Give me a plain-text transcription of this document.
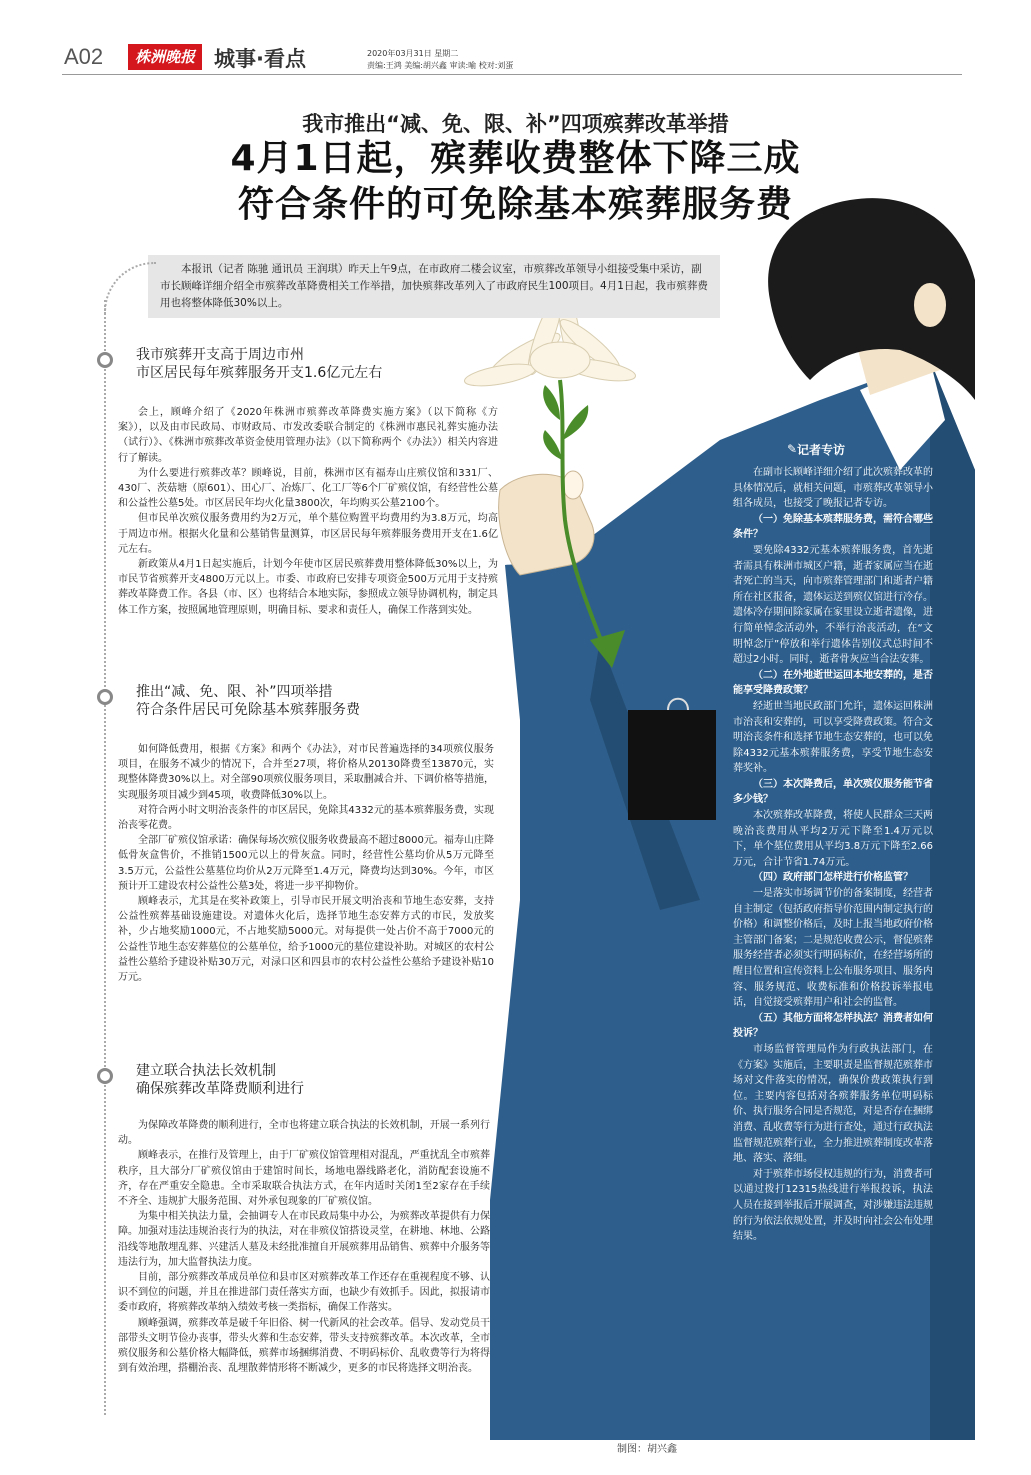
A02	株洲晚报 城事·看点	2020年03月31日 星期二
责编:王鸿 美编:胡兴鑫 审读:喻 校对:刘蛋
我市推出“减、免、限、补”四项殡葬改革举措
4月1日起，殡葬收费整体下降三成
符合条件的可免除基本殡葬服务费
本报讯（记者 陈驰 通讯员 王润琪）昨天上午9点，在市政府二楼会议室，市殡葬改革领导小组接受集中采访，副市长顾峰详细介绍全市殡葬改革降费相关工作举措，加快殡葬改革列入了市政府民生100项目。4月1日起，我市殡葬费用也将整体降低30%以上。
我市殡葬开支高于周边市州
市区居民每年殡葬服务开支1.6亿元左右

会上，顾峰介绍了《2020年株洲市殡葬改革降费实施方案》（以下简称《方案》），以及由市民政局、市财政局、市发改委联合制定的《株洲市惠民礼葬实施办法（试行）》、《株洲市殡葬改革资金使用管理办法》（以下简称两个《办法》）相关内容进行了解读。

为什么要进行殡葬改革？顾峰说，目前，株洲市区有福寿山庄殡仪馆和331厂、430厂、茨菇塘（原601）、田心厂、冶炼厂、化工厂等6个厂矿殡仪馆，有经营性公墓和公益性公墓5处。市区居民年均火化量3800次，年均购买公墓2100个。

但市民单次殡仪服务费用约为2万元，单个墓位购置平均费用约为3.8万元，均高于周边市州。根据火化量和公墓销售量测算，市区居民每年殡葬服务费用开支在1.6亿元左右。

新政策从4月1日起实施后，计划今年使市区居民殡葬费用整体降低30%以上，为市民节省殡葬开支4800万元以上。市委、市政府已安排专项资金500万元用于支持殡葬改革降费工作。各县（市、区）也将结合本地实际，参照成立领导协调机构，制定具体工作方案，按照属地管理原则，明确目标、要求和责任人，确保工作落到实处。

推出“减、免、限、补”四项举措
符合条件居民可免除基本殡葬服务费

如何降低费用，根据《方案》和两个《办法》，对市民普遍选择的34项殡仪服务项目，在服务不减少的情况下，合并至27项，将价格从20130降费至13870元，实现整体降费30%以上。对全部90项殡仪服务项目，采取删减合并、下调价格等措施，实现服务项目减少到45项，收费降低30%以上。

对符合两小时文明治丧条件的市区居民，免除其4332元的基本殡葬服务费，实现治丧零花费。

全部厂矿殡仪馆承诺：确保每场次殡仪服务收费最高不超过8000元。福寿山庄降低骨灰盒售价，不推销1500元以上的骨灰盒。同时，经营性公墓均价从5万元降至3.5万元，公益性公墓墓位均价从2万元降至1.4万元，降费均达到30%。今年，市区预计开工建设农村公益性公墓3处，将进一步平抑物价。

顾峰表示，尤其是在奖补政策上，引导市民开展文明治丧和节地生态安葬，支持公益性殡葬基础设施建设。对遗体火化后，选择节地生态安葬方式的市民，发放奖补，少占地奖励1000元，不占地奖励5000元。对每提供一处占价不高于7000元的公益性节地生态安葬墓位的公墓单位，给予1000元的墓位建设补助。对城区的农村公益性公墓给予建设补贴30万元，对渌口区和四县市的农村公益性公墓给予建设补贴10万元。

建立联合执法长效机制
确保殡葬改革降费顺利进行

为保障改革降费的顺利进行，全市也将建立联合执法的长效机制，开展一系列行动。

顾峰表示，在推行及管理上，由于厂矿殡仪馆管理相对混乱，严重扰乱全市殡葬秩序，且大部分厂矿殡仪馆由于建馆时间长，场地电器线路老化，消防配套设施不齐，存在严重安全隐患。全市采取联合执法方式，在年内适时关闭1至2家存在手续不齐全、违规扩大服务范围、对外承包现象的厂矿殡仪馆。

为集中相关执法力量，会抽调专人在市民政局集中办公，为殡葬改革提供有力保障。加强对违法违规治丧行为的执法，对在非殡仪馆搭设灵堂，在耕地、林地、公路沿线等地散埋乱葬、兴建活人墓及未经批准擅自开展殡葬用品销售、殡葬中介服务等违法行为，加大监督执法力度。

目前，部分殡葬改革成员单位和县市区对殡葬改革工作还存在重视程度不够、认识不到位的问题，并且在推进部门责任落实方面，也缺少有效抓手。因此，拟报请市委市政府，将殡葬改革纳入绩效考核一类指标，确保工作落实。

顾峰强调，殡葬改革是破千年旧俗、树一代新风的社会改革。倡导、发动党员干部带头文明节俭办丧事，带头火葬和生态安葬，带头支持殡葬改革。本次改革，全市殡仪服务和公墓价格大幅降低，殡葬市场捆绑消费、不明码标价、乱收费等行为将得到有效治理，搭棚治丧、乱埋散葬情形将不断减少，更多的市民将选择文明治丧。

✎ 记者专访

在副市长顾峰详细介绍了此次殡葬改革的具体情况后，就相关问题，市殡葬改革领导小组各成员，也接受了晚报记者专访。

（一）免除基本殡葬服务费，需符合哪些条件？

要免除4332元基本殡葬服务费，首先逝者需具有株洲市城区户籍，逝者家属应当在逝者死亡的当天，向市殡葬管理部门和逝者户籍所在社区报备，遗体运送到殡仪馆进行冷存。遗体冷存期间除家属在家里设立逝者遗像，进行简单悼念活动外，不举行治丧活动，在“文明悼念厅”停放和举行遗体告别仪式总时间不超过2小时。同时，逝者骨灰应当合法安葬。

（二）在外地逝世运回本地安葬的，是否能享受降费政策？

经逝世当地民政部门允许，遗体运回株洲市治丧和安葬的，可以享受降费政策。符合文明治丧条件和选择节地生态安葬的，也可以免除4332元基本殡葬服务费，享受节地生态安葬奖补。

（三）本次降费后，单次殡仪服务能节省多少钱？

本次殡葬改革降费，将使人民群众三天两晚治丧费用从平均2万元下降至1.4万元以下，单个墓位费用从平均3.8万元下降至2.66万元，合计节省1.74万元。

（四）政府部门怎样进行价格监管？

一是落实市场调节价的备案制度，经营者自主制定（包括政府指导价范围内制定执行的价格）和调整价格后，及时上报当地政府价格主管部门备案；二是规范收费公示，督促殡葬服务经营者必须实行明码标价，在经营场所的醒目位置和宣传资料上公布服务项目、服务内容、服务规范、收费标准和价格投诉举报电话，自觉接受殡葬用户和社会的监督。

（五）其他方面将怎样执法？消费者如何投诉？

市场监督管理局作为行政执法部门，在《方案》实施后，主要职责是监督规范殡葬市场对文件落实的情况，确保价费政策执行到位。主要内容包括对各殡葬服务单位明码标价、执行服务合同是否规范，对是否存在捆绑消费、乱收费等行为进行查处，通过行政执法监督规范殡葬行业，全力推进殡葬制度改革落地、落实、落细。

对于殡葬市场侵权违规的行为，消费者可以通过拨打12315热线进行举报投诉，执法人员在接到举报后开展调查，对涉嫌违法违规的行为依法依规处置，并及时向社会公布处理结果。

制图：胡兴鑫
